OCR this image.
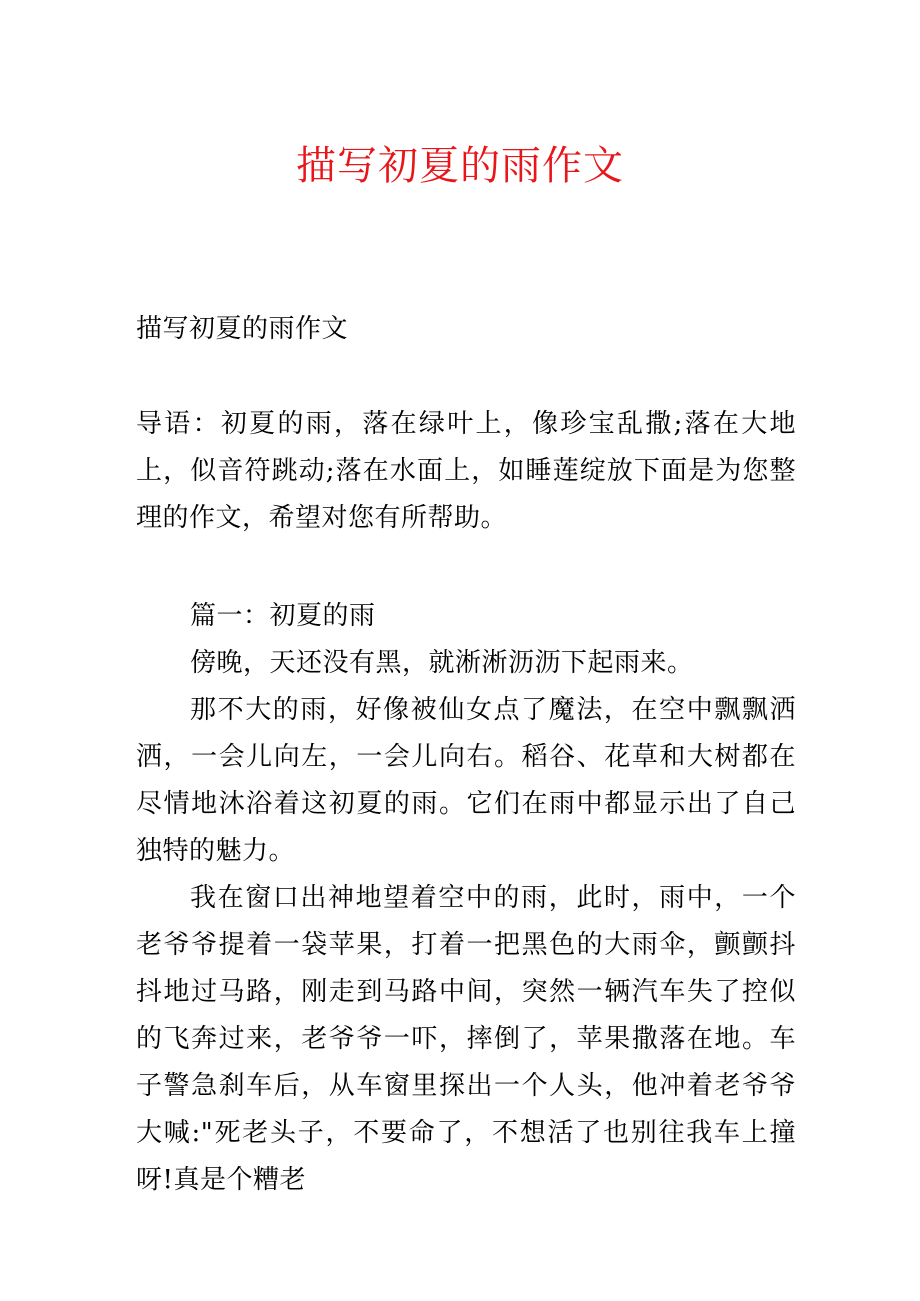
描写初夏的雨作文

描写初夏的雨作文

导语：初夏的雨，落在绿叶上，像珍宝乱撒;落在大地上，似音符跳动;落在水面上，如睡莲绽放下面是为您整理的作文，希望对您有所帮助。

篇一：初夏的雨

傍晚，天还没有黑，就淅淅沥沥下起雨来。

那不大的雨，好像被仙女点了魔法，在空中飘飘洒洒，一会儿向左，一会儿向右。稻谷、花草和大树都在尽情地沐浴着这初夏的雨。它们在雨中都显示出了自己独特的魅力。

我在窗口出神地望着空中的雨，此时，雨中，一个老爷爷提着一袋苹果，打着一把黑色的大雨伞，颤颤抖抖地过马路，刚走到马路中间，突然一辆汽车失了控似的飞奔过来，老爷爷一吓，摔倒了，苹果撒落在地。车子警急刹车后，从车窗里探出一个人头，他冲着老爷爷大喊:"死老头子，不要命了，不想活了也别往我车上撞呀!真是个糟老
